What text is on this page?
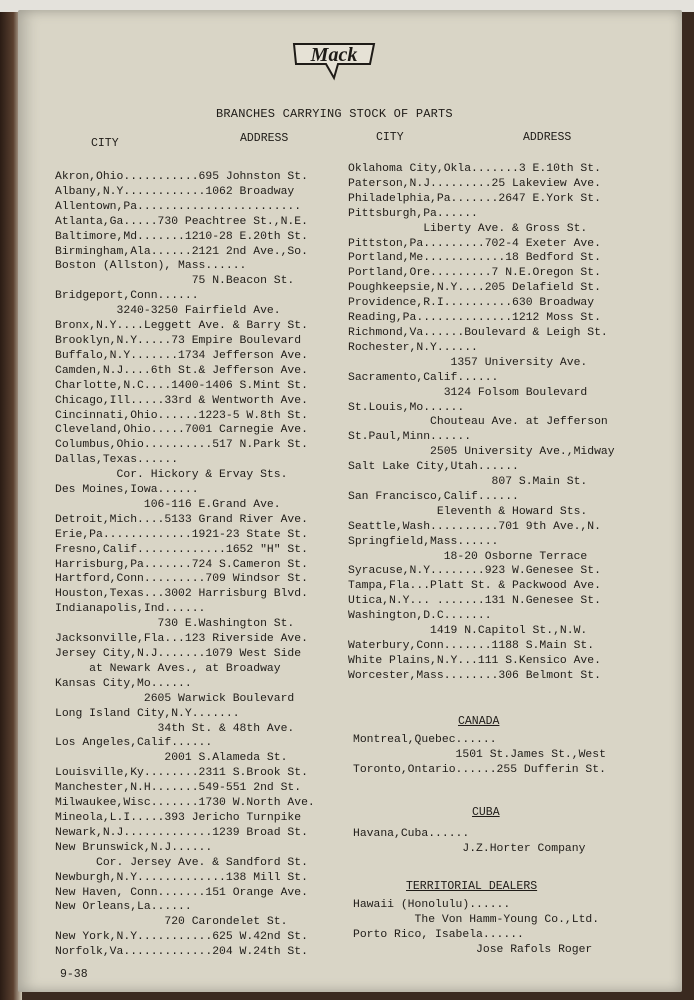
Mack
BRANCHES CARRYING STOCK OF PARTS
CITY	ADDRESS	CITY	ADDRESS
Akron,Ohio...........695 Johnston St.
Albany,N.Y............1062 Broadway
Allentown,Pa........................
Atlanta,Ga.....730 Peachtree St.,N.E.
Baltimore,Md.......1210-28 E.20th St.
Birmingham,Ala......2121 2nd Ave.,So.
Boston (Allston), Mass......
75 N.Beacon St.
Bridgeport,Conn......
3240-3250 Fairfield Ave.
Bronx,N.Y....Leggett Ave. & Barry St.
Brooklyn,N.Y.....73 Empire Boulevard
Buffalo,N.Y.......1734 Jefferson Ave.
Camden,N.J....6th St.& Jefferson Ave.
Charlotte,N.C....1400-1406 S.Mint St.
Chicago,Ill.....33rd & Wentworth Ave.
Cincinnati,Ohio......1223-5 W.8th St.
Cleveland,Ohio.....7001 Carnegie Ave.
Columbus,Ohio..........517 N.Park St.
Dallas,Texas......
Cor. Hickory & Ervay Sts.
Des Moines,Iowa......
106-116 E.Grand Ave.
Detroit,Mich....5133 Grand River Ave.
Erie,Pa.............1921-23 State St.
Fresno,Calif.............1652 "H" St.
Harrisburg,Pa.......724 S.Cameron St.
Hartford,Conn.........709 Windsor St.
Houston,Texas...3002 Harrisburg Blvd.
Indianapolis,Ind......
730 E.Washington St.
Jacksonville,Fla...123 Riverside Ave.
Jersey City,N.J.......1079 West Side
at Newark Aves., at Broadway
Kansas City,Mo......
2605 Warwick Boulevard
Long Island City,N.Y.......
34th St. & 48th Ave.
Los Angeles,Calif......
2001 S.Alameda St.
Louisville,Ky........2311 S.Brook St.
Manchester,N.H.......549-551 2nd St.
Milwaukee,Wisc.......1730 W.North Ave.
Mineola,L.I.....393 Jericho Turnpike
Newark,N.J.............1239 Broad St.
New Brunswick,N.J......
Cor. Jersey Ave. & Sandford St.
Newburgh,N.Y.............138 Mill St.
New Haven, Conn.......151 Orange Ave.
New Orleans,La......
720 Carondelet St.
New York,N.Y...........625 W.42nd St.
Norfolk,Va.............204 W.24th St.
Oklahoma City,Okla.......3 E.10th St.
Paterson,N.J.........25 Lakeview Ave.
Philadelphia,Pa.......2647 E.York St.
Pittsburgh,Pa......
Liberty Ave. & Gross St.
Pittston,Pa.........702-4 Exeter Ave.
Portland,Me............18 Bedford St.
Portland,Ore.........7 N.E.Oregon St.
Poughkeepsie,N.Y....205 Delafield St.
Providence,R.I..........630 Broadway
Reading,Pa..............1212 Moss St.
Richmond,Va......Boulevard & Leigh St.
Rochester,N.Y......
1357 University Ave.
Sacramento,Calif......
3124 Folsom Boulevard
St.Louis,Mo......
Chouteau Ave. at Jefferson
St.Paul,Minn......
2505 University Ave.,Midway
Salt Lake City,Utah......
807 S.Main St.
San Francisco,Calif......
Eleventh & Howard Sts.
Seattle,Wash..........701 9th Ave.,N.
Springfield,Mass......
18-20 Osborne Terrace
Syracuse,N.Y........923 W.Genesee St.
Tampa,Fla...Platt St. & Packwood Ave.
Utica,N.Y... .......131 N.Genesee St.
Washington,D.C.......
1419 N.Capitol St.,N.W.
Waterbury,Conn.......1188 S.Main St.
White Plains,N.Y...111 S.Kensico Ave.
Worcester,Mass........306 Belmont St.
CANADA
Montreal,Quebec......
1501 St.James St.,West
Toronto,Ontario......255 Dufferin St.
CUBA
Havana,Cuba......
J.Z.Horter Company
TERRITORIAL DEALERS
Hawaii (Honolulu)......
The Von Hamm-Young Co.,Ltd.
Porto Rico, Isabela......
Jose Rafols Roger
9-38
